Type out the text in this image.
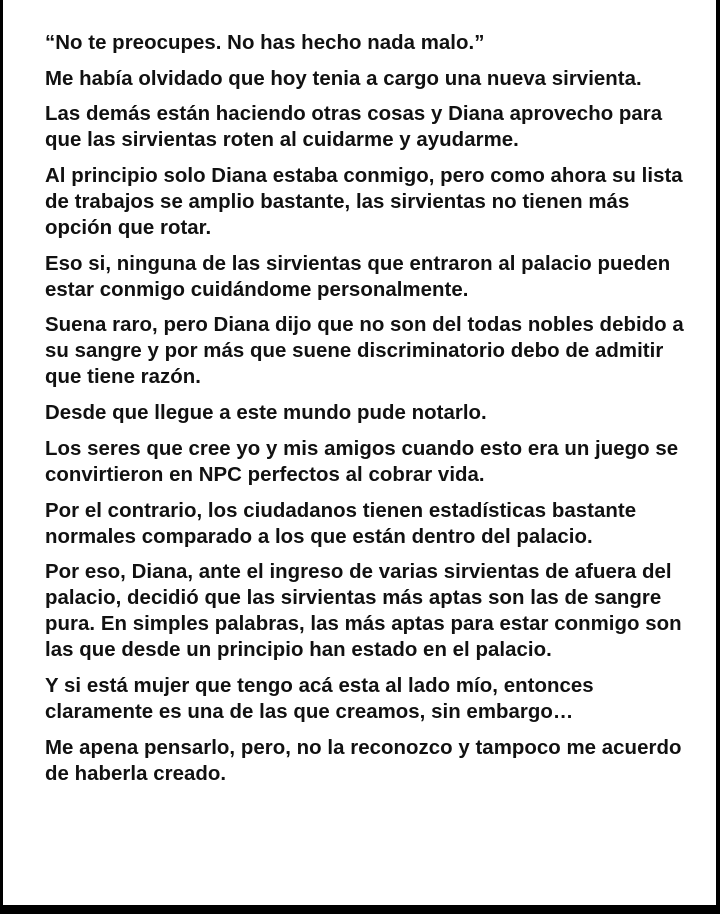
“No te preocupes. No has hecho nada malo.”

Me había olvidado que hoy tenia a cargo una nueva sirvienta.

Las demás están haciendo otras cosas y Diana aprovecho para que las sirvientas roten al cuidarme y ayudarme.

Al principio solo Diana estaba conmigo, pero como ahora su lista de trabajos se amplio bastante, las sirvientas no tienen más opción que rotar.

Eso si, ninguna de las sirvientas que entraron al palacio pueden estar conmigo cuidándome personalmente.

Suena raro, pero Diana dijo que no son del todas nobles debido a su sangre y por más que suene discriminatorio debo de admitir que tiene razón.

Desde que llegue a este mundo pude notarlo.

Los seres que cree yo y mis amigos cuando esto era un juego se convirtieron en NPC perfectos al cobrar vida.

Por el contrario, los ciudadanos tienen estadísticas bastante normales comparado a los que están dentro del palacio.

Por eso, Diana, ante el ingreso de varias sirvientas de afuera del palacio, decidió que las sirvientas más aptas son las de sangre pura. En simples palabras, las más aptas para estar conmigo son las que desde un principio han estado en el palacio.

Y si está mujer que tengo acá esta al lado mío, entonces claramente es una de las que creamos, sin embargo…

Me apena pensarlo, pero, no la reconozco y tampoco me acuerdo de haberla creado.
